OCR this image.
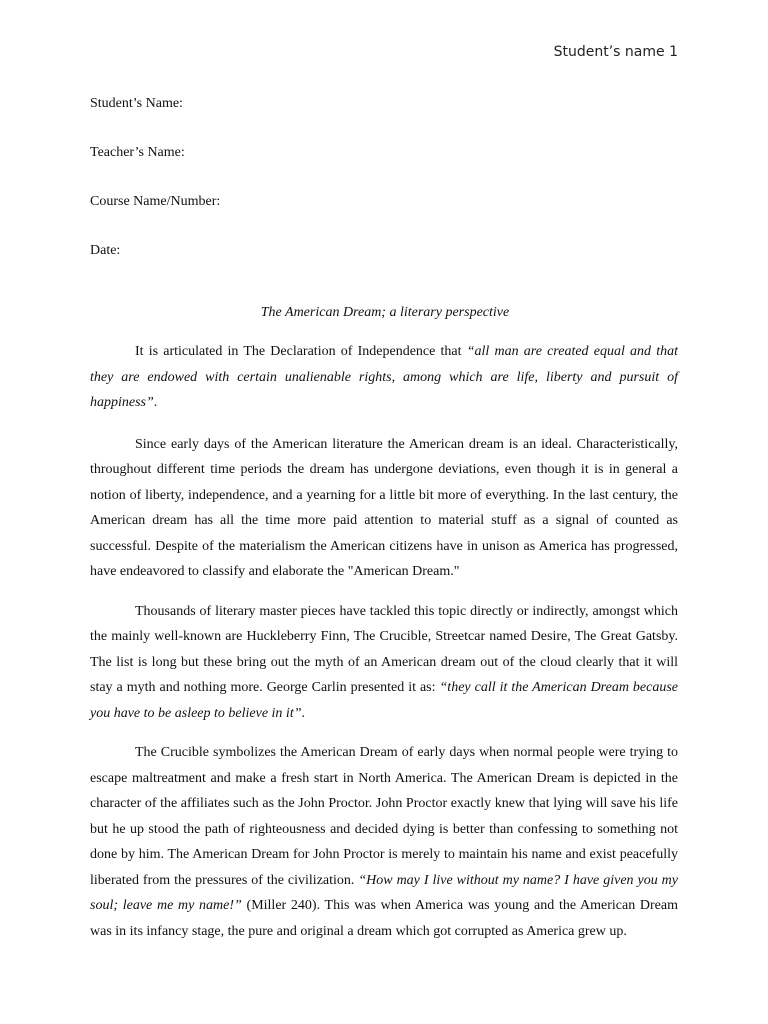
Student’s name 1
Student’s Name:
Teacher’s Name:
Course Name/Number:
Date:
The American Dream; a literary perspective

It is articulated in The Declaration of Independence that “all man are created equal and that they are endowed with certain unalienable rights, among which are life, liberty and pursuit of happiness”.

Since early days of the American literature the American dream is an ideal. Characteristically, throughout different time periods the dream has undergone deviations, even though it is in general a notion of liberty, independence, and a yearning for a little bit more of everything. In the last century, the American dream has all the time more paid attention to material stuff as a signal of counted as successful. Despite of the materialism the American citizens have in unison as America has progressed, have endeavored to classify and elaborate the "American Dream."

Thousands of literary master pieces have tackled this topic directly or indirectly, amongst which the mainly well-known are Huckleberry Finn, The Crucible, Streetcar named Desire, The Great Gatsby. The list is long but these bring out the myth of an American dream out of the cloud clearly that it will stay a myth and nothing more. George Carlin presented it as: “they call it the American Dream because you have to be asleep to believe in it”.

The Crucible symbolizes the American Dream of early days when normal people were trying to escape maltreatment and make a fresh start in North America. The American Dream is depicted in the character of the affiliates such as the John Proctor. John Proctor exactly knew that lying will save his life but he up stood the path of righteousness and decided dying is better than confessing to something not done by him. The American Dream for John Proctor is merely to maintain his name and exist peacefully liberated from the pressures of the civilization. “How may I live without my name? I have given you my soul; leave me my name!” (Miller 240). This was when America was young and the American Dream was in its infancy stage, the pure and original a dream which got corrupted as America grew up.
